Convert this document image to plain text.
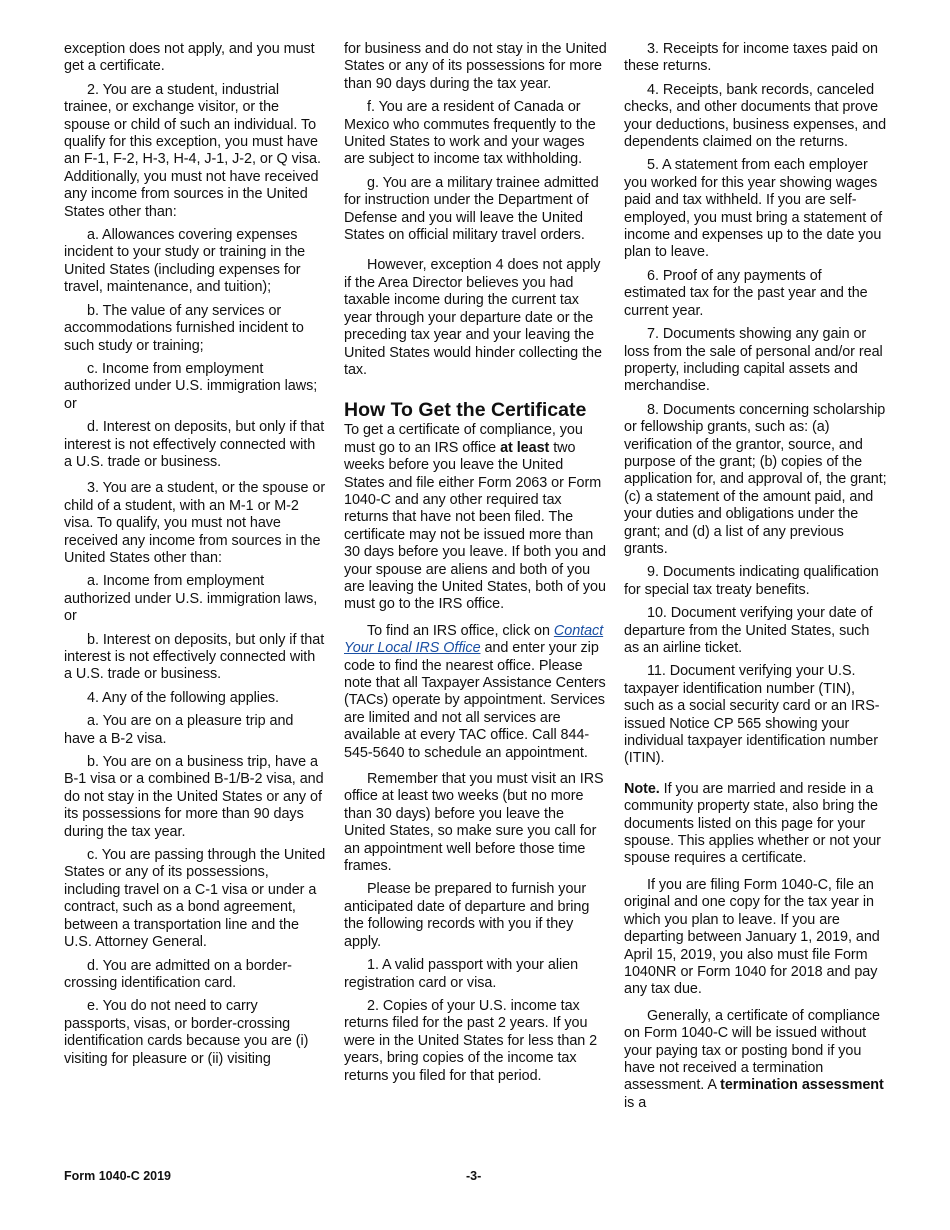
exception does not apply, and you must get a certificate.

2. You are a student, industrial trainee, or exchange visitor, or the spouse or child of such an individual. To qualify for this exception, you must have an F-1, F-2, H-3, H-4, J-1, J-2, or Q visa. Additionally, you must not have received any income from sources in the United States other than:

a. Allowances covering expenses incident to your study or training in the United States (including expenses for travel, maintenance, and tuition);

b. The value of any services or accommodations furnished incident to such study or training;

c. Income from employment authorized under U.S. immigration laws; or

d. Interest on deposits, but only if that interest is not effectively connected with a U.S. trade or business.

3. You are a student, or the spouse or child of a student, with an M-1 or M-2 visa. To qualify, you must not have received any income from sources in the United States other than:

a. Income from employment authorized under U.S. immigration laws, or

b. Interest on deposits, but only if that interest is not effectively connected with a U.S. trade or business.

4. Any of the following applies.

a. You are on a pleasure trip and have a B-2 visa.

b. You are on a business trip, have a B-1 visa or a combined B-1/B-2 visa, and do not stay in the United States or any of its possessions for more than 90 days during the tax year.

c. You are passing through the United States or any of its possessions, including travel on a C-1 visa or under a contract, such as a bond agreement, between a transportation line and the U.S. Attorney General.

d. You are admitted on a border-crossing identification card.

e. You do not need to carry passports, visas, or border-crossing identification cards because you are (i) visiting for pleasure or (ii) visiting

for business and do not stay in the United States or any of its possessions for more than 90 days during the tax year.

f. You are a resident of Canada or Mexico who commutes frequently to the United States to work and your wages are subject to income tax withholding.

g. You are a military trainee admitted for instruction under the Department of Defense and you will leave the United States on official military travel orders.

However, exception 4 does not apply if the Area Director believes you had taxable income during the current tax year through your departure date or the preceding tax year and your leaving the United States would hinder collecting the tax.

How To Get the Certificate

To get a certificate of compliance, you must go to an IRS office at least two weeks before you leave the United States and file either Form 2063 or Form 1040-C and any other required tax returns that have not been filed. The certificate may not be issued more than 30 days before you leave. If both you and your spouse are aliens and both of you are leaving the United States, both of you must go to the IRS office.

To find an IRS office, click on Contact Your Local IRS Office and enter your zip code to find the nearest office. Please note that all Taxpayer Assistance Centers (TACs) operate by appointment. Services are limited and not all services are available at every TAC office. Call 844-545-5640 to schedule an appointment.

Remember that you must visit an IRS office at least two weeks (but no more than 30 days) before you leave the United States, so make sure you call for an appointment well before those time frames.

Please be prepared to furnish your anticipated date of departure and bring the following records with you if they apply.

1. A valid passport with your alien registration card or visa.

2. Copies of your U.S. income tax returns filed for the past 2 years. If you were in the United States for less than 2 years, bring copies of the income tax returns you filed for that period.

3. Receipts for income taxes paid on these returns.

4. Receipts, bank records, canceled checks, and other documents that prove your deductions, business expenses, and dependents claimed on the returns.

5. A statement from each employer you worked for this year showing wages paid and tax withheld. If you are self-employed, you must bring a statement of income and expenses up to the date you plan to leave.

6. Proof of any payments of estimated tax for the past year and the current year.

7. Documents showing any gain or loss from the sale of personal and/or real property, including capital assets and merchandise.

8. Documents concerning scholarship or fellowship grants, such as: (a) verification of the grantor, source, and purpose of the grant; (b) copies of the application for, and approval of, the grant; (c) a statement of the amount paid, and your duties and obligations under the grant; and (d) a list of any previous grants.

9. Documents indicating qualification for special tax treaty benefits.

10. Document verifying your date of departure from the United States, such as an airline ticket.

11. Document verifying your U.S. taxpayer identification number (TIN), such as a social security card or an IRS-issued Notice CP 565 showing your individual taxpayer identification number (ITIN).

Note. If you are married and reside in a community property state, also bring the documents listed on this page for your spouse. This applies whether or not your spouse requires a certificate.

If you are filing Form 1040-C, file an original and one copy for the tax year in which you plan to leave. If you are departing between January 1, 2019, and April 15, 2019, you also must file Form 1040NR or Form 1040 for 2018 and pay any tax due.

Generally, a certificate of compliance on Form 1040-C will be issued without your paying tax or posting bond if you have not received a termination assessment. A termination assessment is a

Form 1040-C 2019	-3-
